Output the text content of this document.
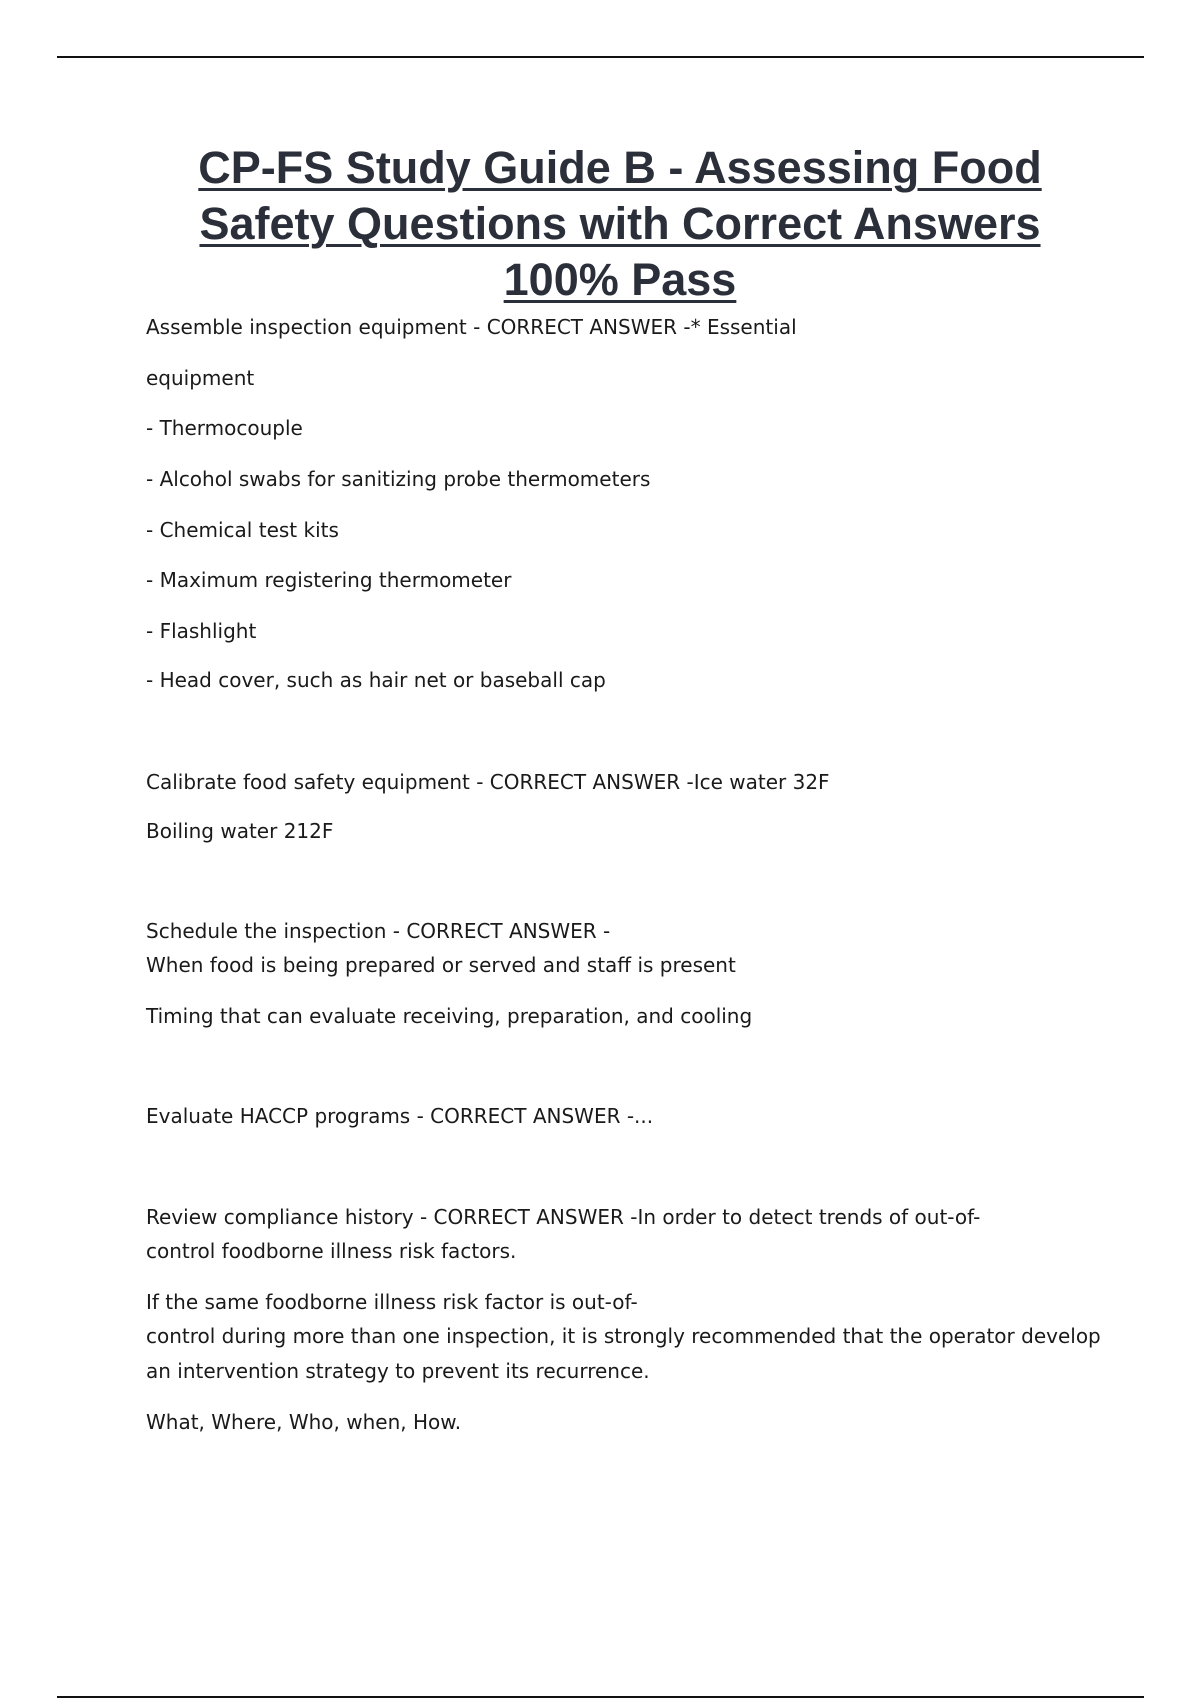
CP-FS Study Guide B - Assessing Food
Safety Questions with Correct Answers
100% Pass

Assemble inspection equipment - CORRECT ANSWER -* Essential

equipment

- Thermocouple

- Alcohol swabs for sanitizing probe thermometers

- Chemical test kits

- Maximum registering thermometer

- Flashlight

- Head cover, such as hair net or baseball cap

Calibrate food safety equipment - CORRECT ANSWER -Ice water 32F

Boiling water 212F

Schedule the inspection - CORRECT ANSWER -

When food is being prepared or served and staff is present

Timing that can evaluate receiving, preparation, and cooling

Evaluate HACCP programs - CORRECT ANSWER -...

Review compliance history - CORRECT ANSWER -In order to detect trends of out-of-

control foodborne illness risk factors.

If the same foodborne illness risk factor is out-of-

control during more than one inspection, it is strongly recommended that the operator develop

an intervention strategy to prevent its recurrence.

What, Where, Who, when, How.
